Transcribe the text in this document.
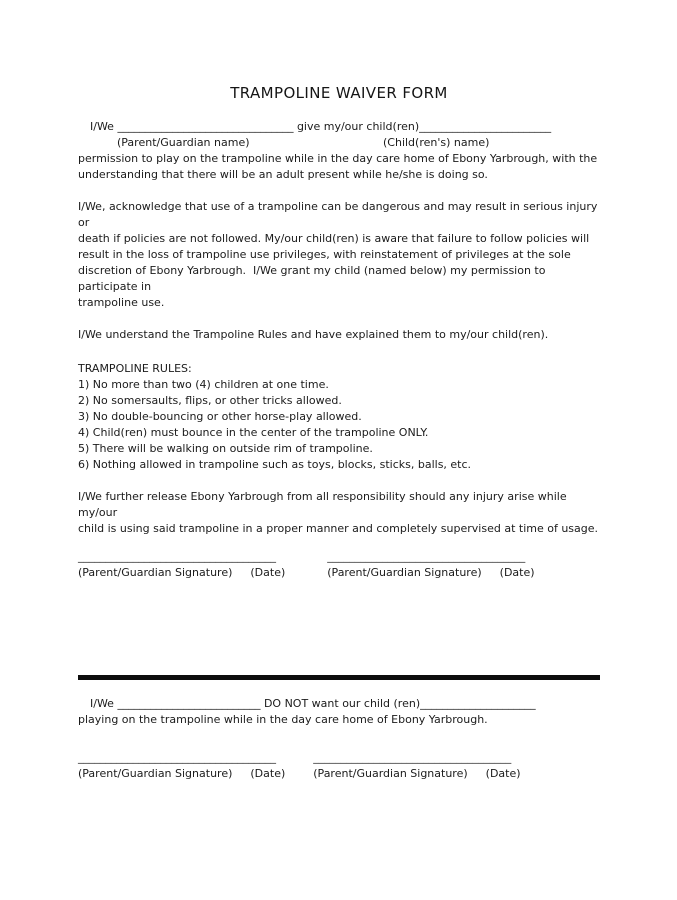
TRAMPOLINE WAIVER FORM
I/We ________________________________ give my/our child(ren)________________________
(Parent/Guardian name)	(Child(ren's) name)
permission to play on the trampoline while in the day care home of Ebony Yarbrough, with the
understanding that there will be an adult present while he/she is doing so.
I/We, acknowledge that use of a trampoline can be dangerous and may result in serious injury or
death if policies are not followed. My/our child(ren) is aware that failure to follow policies will
result in the loss of trampoline use privileges, with reinstatement of privileges at the sole
discretion of Ebony Yarbrough.  I/We grant my child (named below) my permission to participate in
trampoline use.
I/We understand the Trampoline Rules and have explained them to my/our child(ren).
TRAMPOLINE RULES:
1) No more than two (4) children at one time.
2) No somersaults, flips, or other tricks allowed.
3) No double-bouncing or other horse-play allowed.
4) Child(ren) must bounce in the center of the trampoline ONLY.
5) There will be walking on outside rim of trampoline.
6) Nothing allowed in trampoline such as toys, blocks, sticks, balls, etc.
I/We further release Ebony Yarbrough from all responsibility should any injury arise while my/our
child is using said trampoline in a proper manner and completely supervised at time of usage.
____________________________________
(Parent/Guardian Signature) (Date)
____________________________________
(Parent/Guardian Signature) (Date)
I/We __________________________ DO NOT want our child (ren)_____________________
playing on the trampoline while in the day care home of Ebony Yarbrough.
____________________________________
(Parent/Guardian Signature) (Date)
____________________________________
(Parent/Guardian Signature) (Date)
